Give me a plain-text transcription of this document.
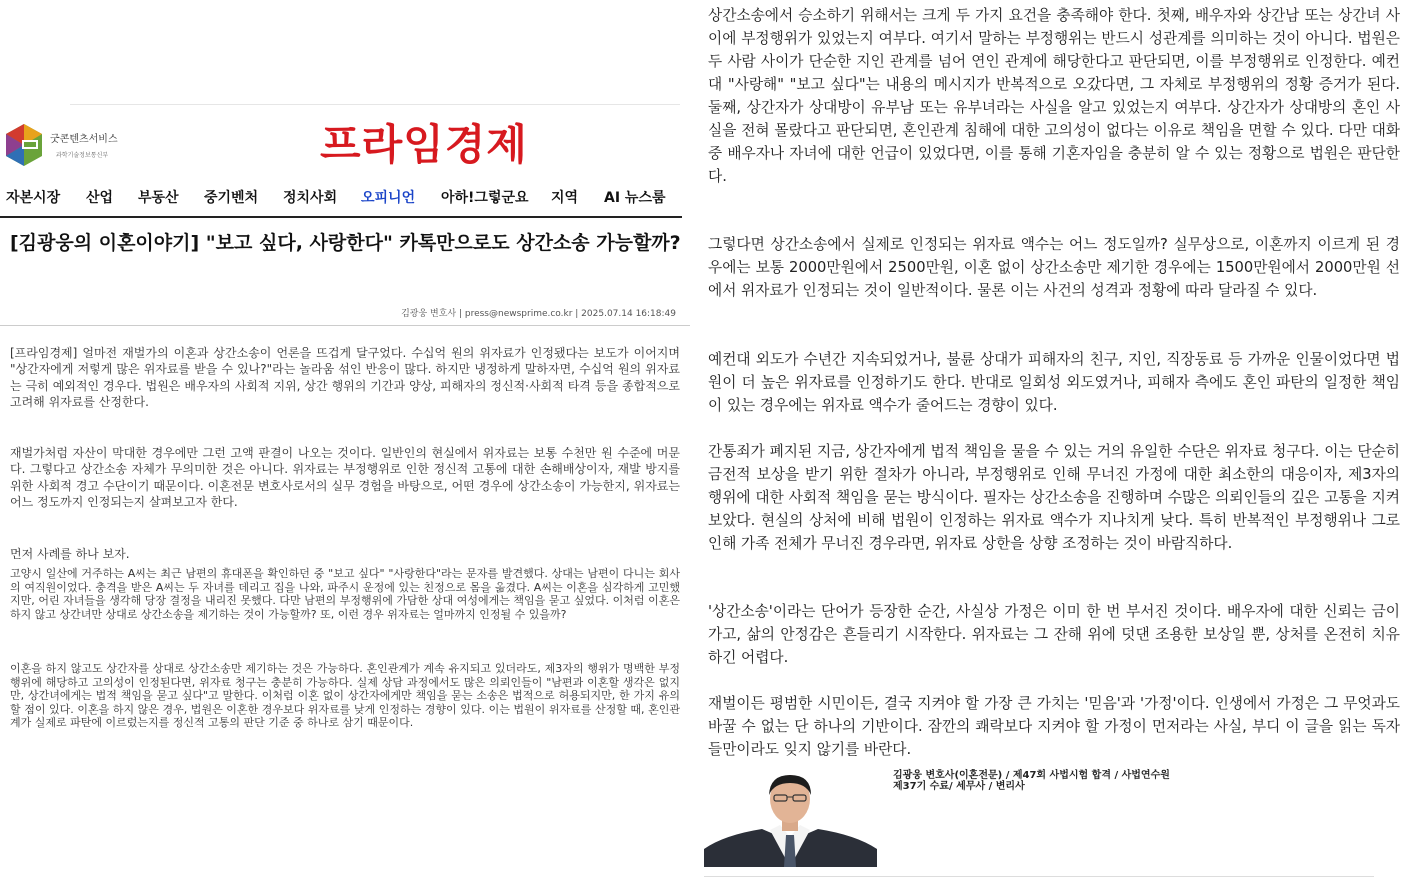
굿콘텐츠서비스
과학기술정보통신부	프라임경제
자본시장 산업 부동산 중기벤처 정치사회 오피니언 아하!그렇군요 지역 AI 뉴스룸
[김광웅의 이혼이야기] "보고 싶다, 사랑한다" 카톡만으로도 상간소송 가능할까?
김광웅 변호사 | press@newsprime.co.kr | 2025.07.14 16:18:49

[프라임경제] 얼마전 재벌가의 이혼과 상간소송이 언론을 뜨겁게 달구었다. 수십억 원의 위자료가 인정됐다는 보도가 이어지며 "상간자에게 저렇게 많은 위자료를 받을 수 있나?"라는 놀라움 섞인 반응이 많다. 하지만 냉정하게 말하자면, 수십억 원의 위자료는 극히 예외적인 경우다. 법원은 배우자의 사회적 지위, 상간 행위의 기간과 양상, 피해자의 정신적·사회적 타격 등을 종합적으로 고려해 위자료를 산정한다.

재벌가처럼 자산이 막대한 경우에만 그런 고액 판결이 나오는 것이다. 일반인의 현실에서 위자료는 보통 수천만 원 수준에 머문다. 그렇다고 상간소송 자체가 무의미한 것은 아니다. 위자료는 부정행위로 인한 정신적 고통에 대한 손해배상이자, 재발 방지를 위한 사회적 경고 수단이기 때문이다. 이혼전문 변호사로서의 실무 경험을 바탕으로, 어떤 경우에 상간소송이 가능한지, 위자료는 어느 정도까지 인정되는지 살펴보고자 한다.

먼저 사례를 하나 보자.

고양시 일산에 거주하는 A씨는 최근 남편의 휴대폰을 확인하던 중 "보고 싶다" "사랑한다"라는 문자를 발견했다. 상대는 남편이 다니는 회사의 여직원이었다. 충격을 받은 A씨는 두 자녀를 데리고 집을 나와, 파주시 운정에 있는 친정으로 몸을 옮겼다. A씨는 이혼을 심각하게 고민했지만, 어린 자녀들을 생각해 당장 결정을 내리진 못했다. 다만 남편의 부정행위에 가담한 상대 여성에게는 책임을 묻고 싶었다. 이처럼 이혼은 하지 않고 상간녀만 상대로 상간소송을 제기하는 것이 가능할까? 또, 이런 경우 위자료는 얼마까지 인정될 수 있을까?

이혼을 하지 않고도 상간자를 상대로 상간소송만 제기하는 것은 가능하다. 혼인관계가 계속 유지되고 있더라도, 제3자의 행위가 명백한 부정행위에 해당하고 고의성이 인정된다면, 위자료 청구는 충분히 가능하다. 실제 상담 과정에서도 많은 의뢰인들이 "남편과 이혼할 생각은 없지만, 상간녀에게는 법적 책임을 묻고 싶다"고 말한다. 이처럼 이혼 없이 상간자에게만 책임을 묻는 소송은 법적으로 허용되지만, 한 가지 유의할 점이 있다. 이혼을 하지 않은 경우, 법원은 이혼한 경우보다 위자료를 낮게 인정하는 경향이 있다. 이는 법원이 위자료를 산정할 때, 혼인관계가 실제로 파탄에 이르렀는지를 정신적 고통의 판단 기준 중 하나로 삼기 때문이다.

상간소송에서 승소하기 위해서는 크게 두 가지 요건을 충족해야 한다. 첫째, 배우자와 상간남 또는 상간녀 사이에 부정행위가 있었는지 여부다. 여기서 말하는 부정행위는 반드시 성관계를 의미하는 것이 아니다. 법원은 두 사람 사이가 단순한 지인 관계를 넘어 연인 관계에 해당한다고 판단되면, 이를 부정행위로 인정한다. 예컨대 "사랑해" "보고 싶다"는 내용의 메시지가 반복적으로 오갔다면, 그 자체로 부정행위의 정황 증거가 된다. 둘째, 상간자가 상대방이 유부남 또는 유부녀라는 사실을 알고 있었는지 여부다. 상간자가 상대방의 혼인 사실을 전혀 몰랐다고 판단되면, 혼인관계 침해에 대한 고의성이 없다는 이유로 책임을 면할 수 있다. 다만 대화 중 배우자나 자녀에 대한 언급이 있었다면, 이를 통해 기혼자임을 충분히 알 수 있는 정황으로 법원은 판단한다.

그렇다면 상간소송에서 실제로 인정되는 위자료 액수는 어느 정도일까? 실무상으로, 이혼까지 이르게 된 경우에는 보통 2000만원에서 2500만원, 이혼 없이 상간소송만 제기한 경우에는 1500만원에서 2000만원 선에서 위자료가 인정되는 것이 일반적이다. 물론 이는 사건의 성격과 정황에 따라 달라질 수 있다.

예컨대 외도가 수년간 지속되었거나, 불륜 상대가 피해자의 친구, 지인, 직장동료 등 가까운 인물이었다면 법원이 더 높은 위자료를 인정하기도 한다. 반대로 일회성 외도였거나, 피해자 측에도 혼인 파탄의 일정한 책임이 있는 경우에는 위자료 액수가 줄어드는 경향이 있다.

간통죄가 폐지된 지금, 상간자에게 법적 책임을 물을 수 있는 거의 유일한 수단은 위자료 청구다. 이는 단순히 금전적 보상을 받기 위한 절차가 아니라, 부정행위로 인해 무너진 가정에 대한 최소한의 대응이자, 제3자의 행위에 대한 사회적 책임을 묻는 방식이다. 필자는 상간소송을 진행하며 수많은 의뢰인들의 깊은 고통을 지켜보았다. 현실의 상처에 비해 법원이 인정하는 위자료 액수가 지나치게 낮다. 특히 반복적인 부정행위나 그로 인해 가족 전체가 무너진 경우라면, 위자료 상한을 상향 조정하는 것이 바람직하다.

'상간소송'이라는 단어가 등장한 순간, 사실상 가정은 이미 한 번 부서진 것이다. 배우자에 대한 신뢰는 금이 가고, 삶의 안정감은 흔들리기 시작한다. 위자료는 그 잔해 위에 덧댄 조용한 보상일 뿐, 상처를 온전히 치유하긴 어렵다.

재벌이든 평범한 시민이든, 결국 지켜야 할 가장 큰 가치는 '믿음'과 '가정'이다. 인생에서 가정은 그 무엇과도 바꿀 수 없는 단 하나의 기반이다. 잠깐의 쾌락보다 지켜야 할 가정이 먼저라는 사실, 부디 이 글을 읽는 독자들만이라도 잊지 않기를 바란다.

김광웅 변호사(이혼전문) / 제47회 사법시험 합격 / 사법연수원
제37기 수료/ 세무사 / 변리사
